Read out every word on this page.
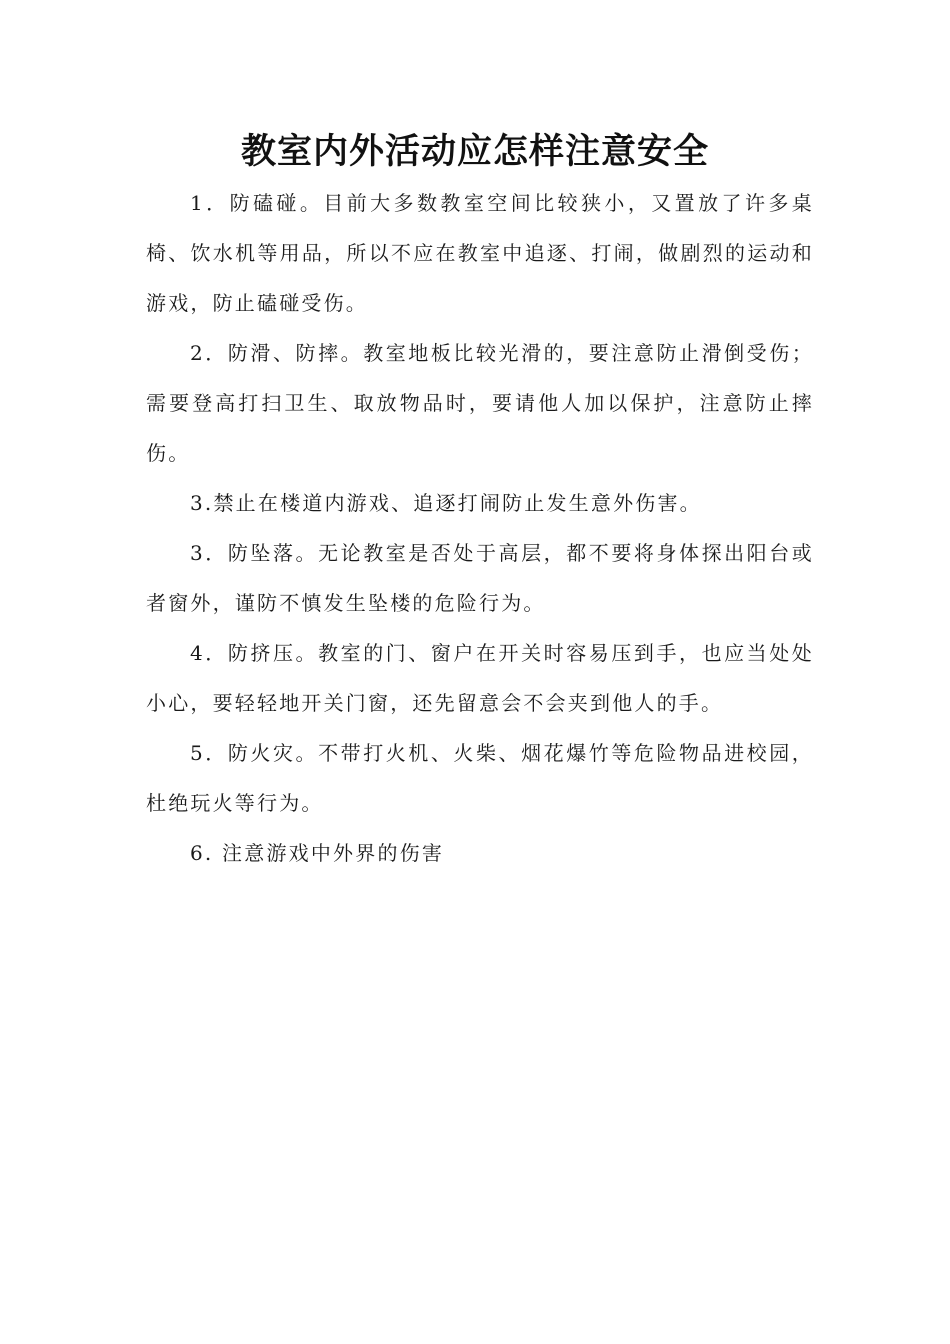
教室内外活动应怎样注意安全

1．防磕碰。目前大多数教室空间比较狭小，又置放了许多桌椅、饮水机等用品，所以不应在教室中追逐、打闹，做剧烈的运动和游戏，防止磕碰受伤。

2．防滑、防摔。教室地板比较光滑的，要注意防止滑倒受伤；需要登高打扫卫生、取放物品时，要请他人加以保护，注意防止摔伤。

3.禁止在楼道内游戏、追逐打闹防止发生意外伤害。

3．防坠落。无论教室是否处于高层，都不要将身体探出阳台或者窗外，谨防不慎发生坠楼的危险行为。

4．防挤压。教室的门、窗户在开关时容易压到手，也应当处处小心，要轻轻地开关门窗，还先留意会不会夹到他人的手。

5．防火灾。不带打火机、火柴、烟花爆竹等危险物品进校园，杜绝玩火等行为。

6. 注意游戏中外界的伤害
